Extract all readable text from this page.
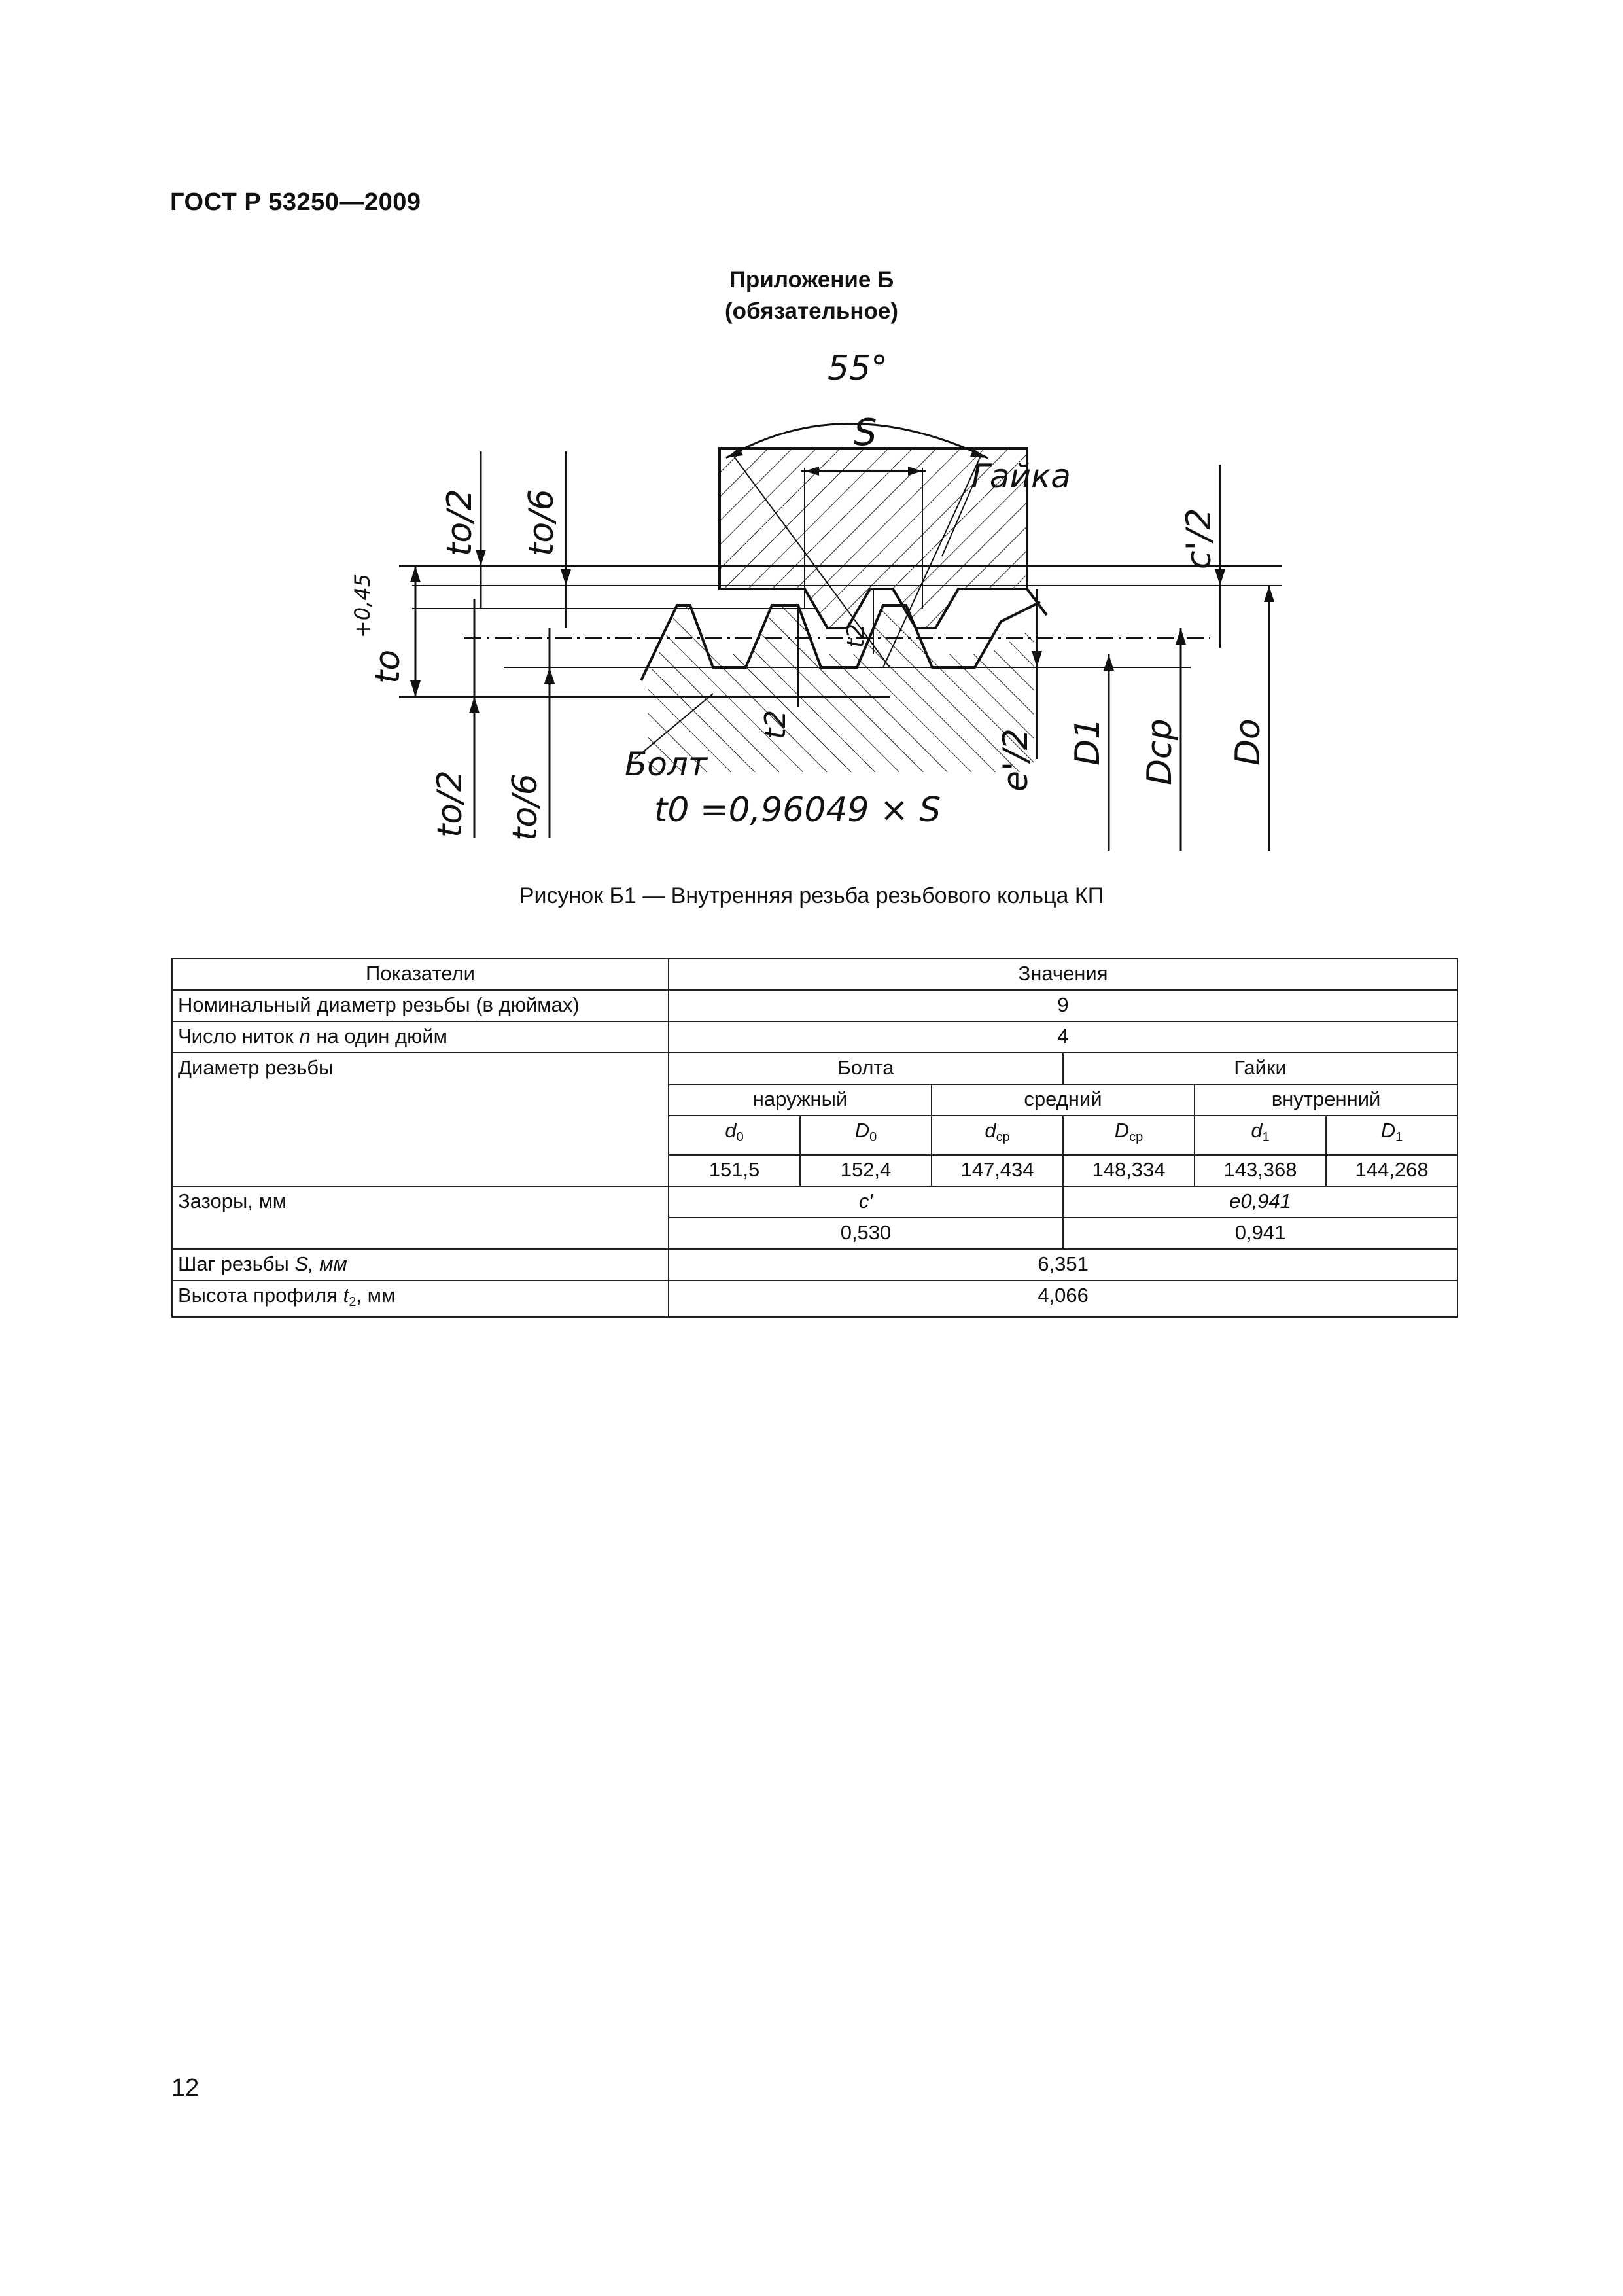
ГОСТ Р 53250—2009
Приложение Б
(обязательное)
55°
S
Гайка
Болт
to/2 to/6
to
+0,45
to/2 to/6
c'/2
e'/2
t2
t2
D1 Dcp Do
t0 =0,96049 × S
Рисунок Б1 — Внутренняя резьба резьбового кольца КП
Показатели	Значения					
Номинальный диаметр резьбы (в дюймах)	9					
Число ниток n на один дюйм	4					
Диаметр резьбы	Болта			Гайки		
	наружный		средний		внутренний	
	$d_0$	$D_0$	$d_{ср}$	$D_{ср}$	$d_1$	$D_1$
	151,5	152,4	147,434	148,334	143,368	144,268
Зазоры, мм	c′			е0,941		
	0,530			0,941		
Шаг резьбы S, мм	6,351					
Высота профиля $t_2$, мм	4,066					
12
